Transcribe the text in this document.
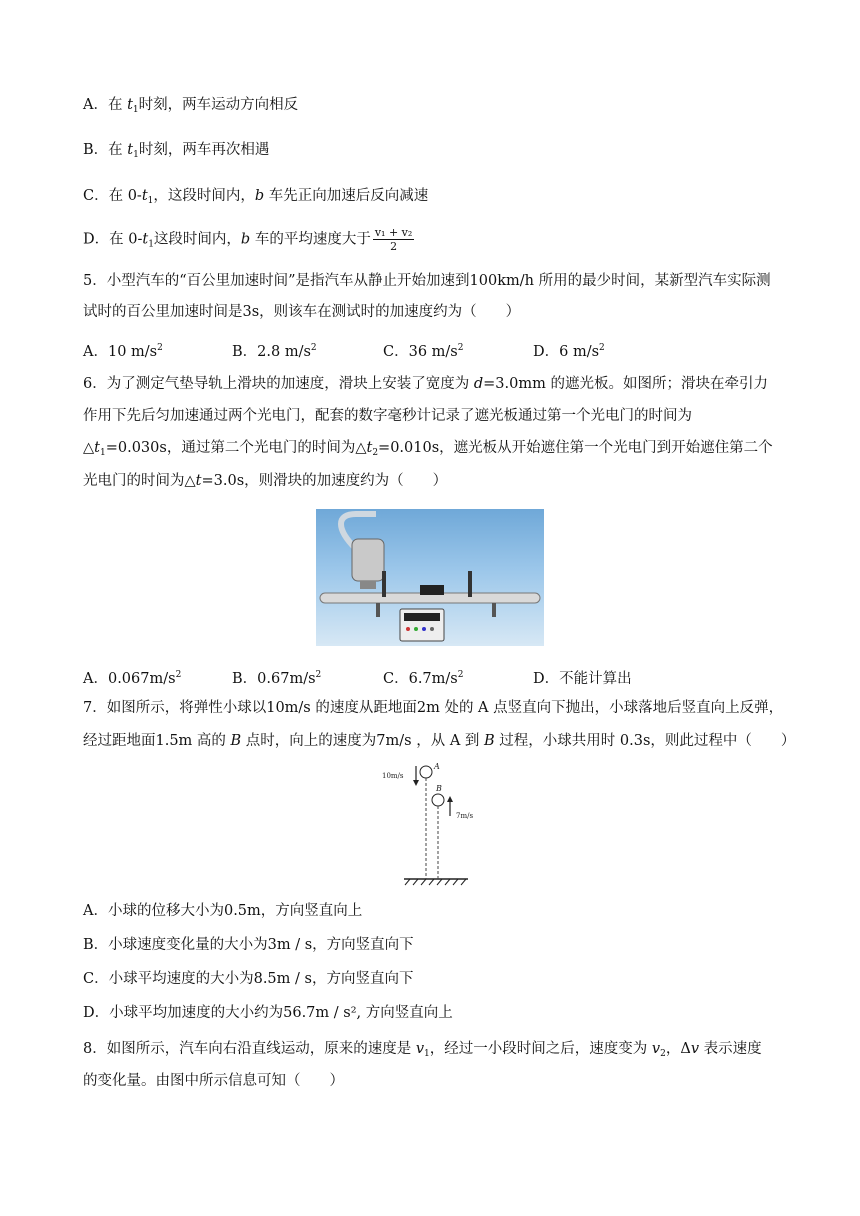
A．在 $t_1$时刻，两车运动方向相反
B．在 $t_1$时刻，两车再次相遇
C．在 $0-t_1$，这段时间内，b 车先正向加速后反向减速
D．在 $0-t_1$这段时间内，b 车的平均速度大于 $\frac{\text{v₁ + v₂}}{2}$
5．小型汽车的“百公里加速时间”是指汽车从静止开始加速到100km/h 所用的最少时间，某新型汽车实际测
试时的百公里加速时间是3s，则该车在测试时的加速度约为（　　）
A．10 $m/s^2$	B．2.8 $m/s^2$	C．36 $m/s^2$	D．6 $m/s^2$
6．为了测定气垫导轨上滑块的加速度，滑块上安装了宽度为 d=3.0mm 的遮光板。如图所；滑块在牵引力
作用下先后匀加速通过两个光电门，配套的数字毫秒计记录了遮光板通过第一个光电门的时间为
$\triangle t_1=0.030s$，通过第二个光电门的时间为$\triangle t_2=0.010s$，遮光板从开始遮住第一个光电门到开始遮住第二个
光电门的时间为△t=3.0s，则滑块的加速度约为（　　）
A．$0.067m/s^2$	B．$0.67m/s^2$	C．$6.7m/s^2$	D．不能计算出
7．如图所示，将弹性小球以10m/s 的速度从距地面2m 处的 A 点竖直向下抛出，小球落地后竖直向上反弹，
经过距地面1.5m 高的 B 点时，向上的速度为7m/s ，从 A 到 B 过程，小球共用时 0.3s，则此过程中（　　）
A
B
10m/s
7m/s
A．小球的位移大小为0.5m，方向竖直向上
B．小球速度变化量的大小为3m / s，方向竖直向下
C．小球平均速度的大小为8.5m / s，方向竖直向下
D．小球平均加速度的大小约为56.7m / s², 方向竖直向上
8．如图所示，汽车向右沿直线运动，原来的速度是 $v_1$，经过一小段时间之后，速度变为 $v_2$，Δv 表示速度
的变化量。由图中所示信息可知（　　）
